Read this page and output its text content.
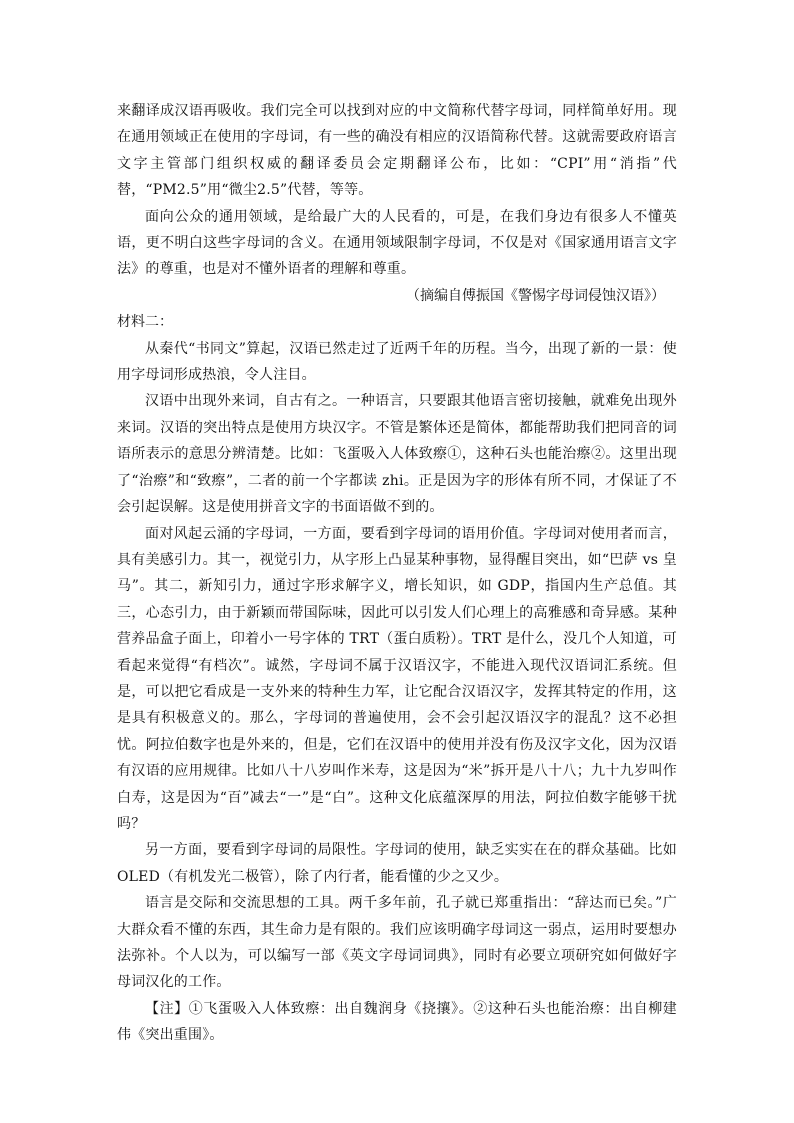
来翻译成汉语再吸收。我们完全可以找到对应的中文简称代替字母词，同样简单好用。现在通用领域正在使用的字母词，有一些的确没有相应的汉语简称代替。这就需要政府语言文字主管部门组织权威的翻译委员会定期翻译公布，比如：“CPI”用“消指”代替，“PM2.5”用“微尘2.5”代替，等等。

面向公众的通用领域，是给最广大的人民看的，可是，在我们身边有很多人不懂英语，更不明白这些字母词的含义。在通用领域限制字母词，不仅是对《国家通用语言文字法》的尊重，也是对不懂外语者的理解和尊重。

（摘编自傅振国《警惕字母词侵蚀汉语》）

材料二：

从秦代“书同文”算起，汉语已然走过了近两千年的历程。当今，出现了新的一景：使用字母词形成热浪，令人注目。

汉语中出现外来词，自古有之。一种语言，只要跟其他语言密切接触，就难免出现外来词。汉语的突出特点是使用方块汉字。不管是繁体还是简体，都能帮助我们把同音的词语所表示的意思分辨清楚。比如：飞蛋吸入人体致瘵①，这种石头也能治瘵②。这里出现了“治瘵”和“致瘵”，二者的前一个字都读 zhi。正是因为字的形体有所不同，才保证了不会引起误解。这是使用拼音文字的书面语做不到的。

面对风起云涌的字母词，一方面，要看到字母词的语用价值。字母词对使用者而言，具有美感引力。其一，视觉引力，从字形上凸显某种事物，显得醒目突出，如“巴萨 vs 皇马”。其二，新知引力，通过字形求解字义，增长知识，如 GDP，指国内生产总值。其三，心态引力，由于新颖而带国际味，因此可以引发人们心理上的高雅感和奇异感。某种营养品盒子面上，印着小一号字体的 TRT（蛋白质粉）。TRT 是什么，没几个人知道，可看起来觉得“有档次”。诚然，字母词不属于汉语汉字，不能进入现代汉语词汇系统。但是，可以把它看成是一支外来的特种生力军，让它配合汉语汉字，发挥其特定的作用，这是具有积极意义的。那么，字母词的普遍使用，会不会引起汉语汉字的混乱？这不必担忧。阿拉伯数字也是外来的，但是，它们在汉语中的使用并没有伤及汉字文化，因为汉语有汉语的应用规律。比如八十八岁叫作米寿，这是因为“米”拆开是八十八；九十九岁叫作白寿，这是因为“百”减去“一”是“白”。这种文化底蕴深厚的用法，阿拉伯数字能够干扰吗？

另一方面，要看到字母词的局限性。字母词的使用，缺乏实实在在的群众基础。比如 OLED（有机发光二极管），除了内行者，能看懂的少之又少。

语言是交际和交流思想的工具。两千多年前，孔子就已郑重指出：“辞达而已矣。”广大群众看不懂的东西，其生命力是有限的。我们应该明确字母词这一弱点，运用时要想办法弥补。个人以为，可以编写一部《英文字母词词典》，同时有必要立项研究如何做好字母词汉化的工作。

【注】①飞蛋吸入人体致瘵：出自魏润身《挠攘》。②这种石头也能治瘵：出自柳建伟《突出重围》。
